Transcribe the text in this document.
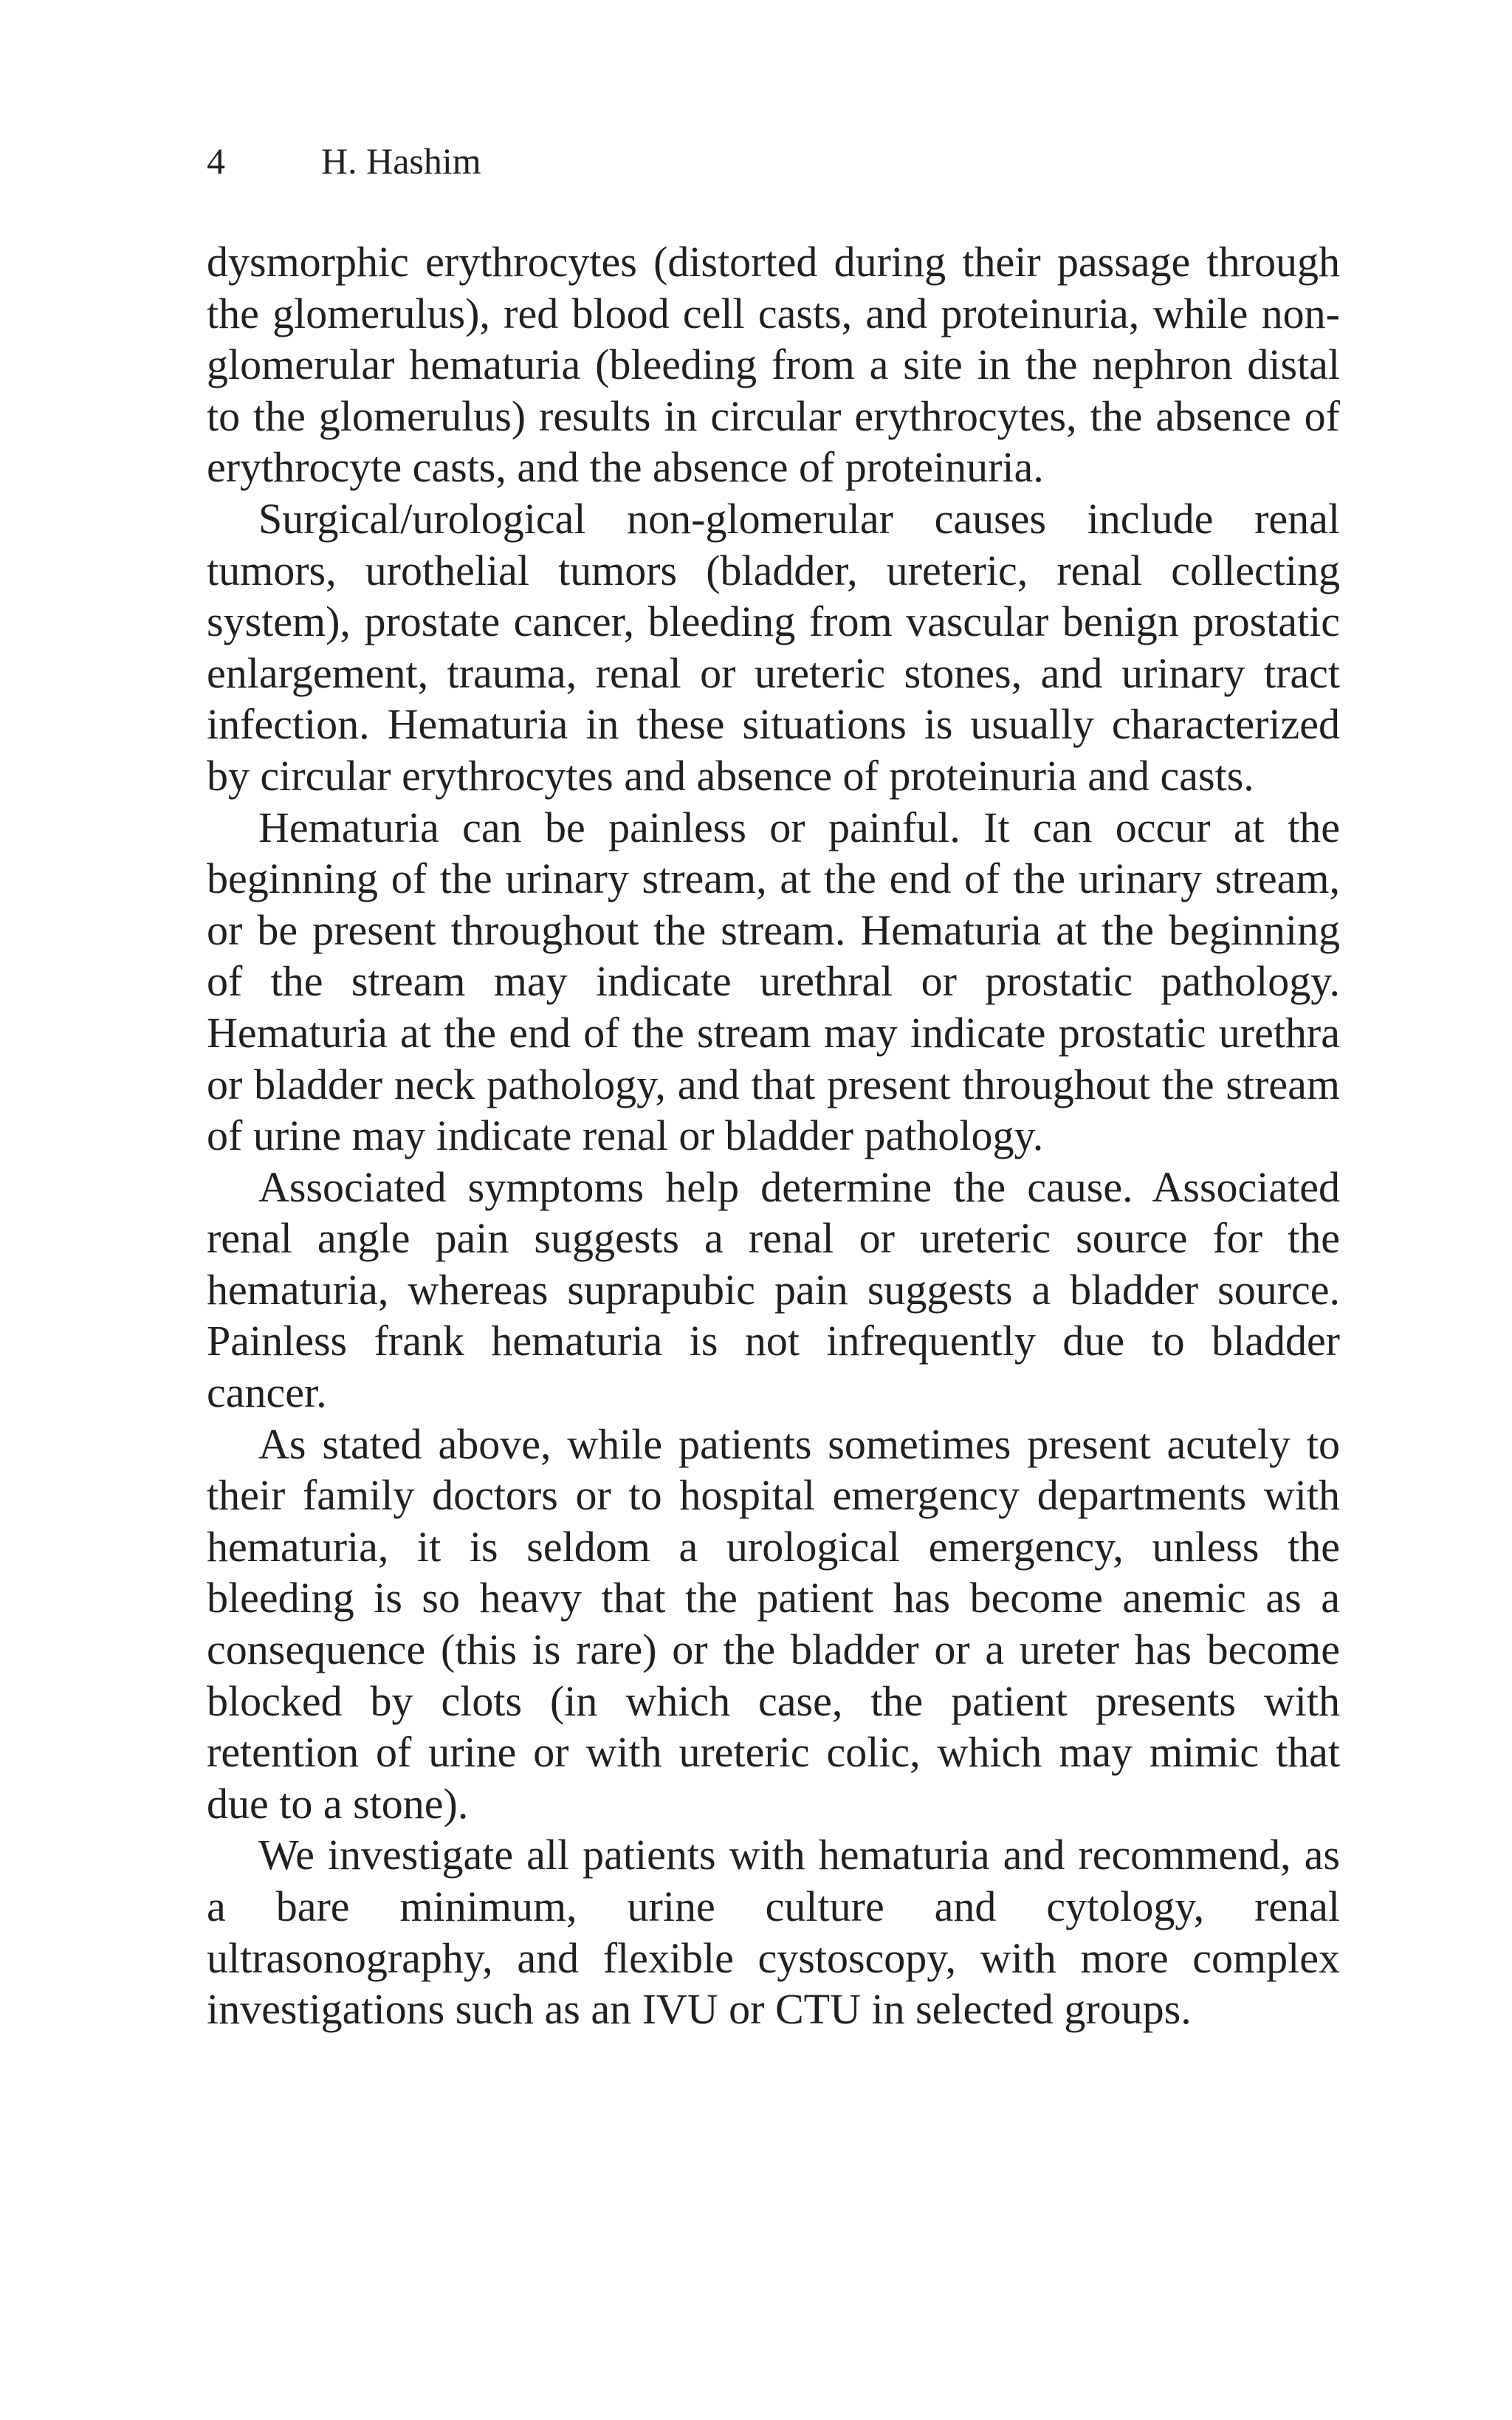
4	H. Hashim

dysmorphic erythrocytes (distorted during their passage through the glomerulus), red blood cell casts, and proteinuria, while non-glomerular hematuria (bleeding from a site in the nephron distal to the glomerulus) results in circular erythrocytes, the absence of erythrocyte casts, and the absence of proteinuria.

Surgical/urological non-glomerular causes include renal tumors, urothelial tumors (bladder, ureteric, renal collecting system), prostate cancer, bleeding from vascular benign prostatic enlargement, trauma, renal or ureteric stones, and urinary tract infection. Hematuria in these situations is usually characterized by circular erythrocytes and absence of proteinuria and casts.

Hematuria can be painless or painful. It can occur at the beginning of the urinary stream, at the end of the urinary stream, or be present throughout the stream. Hematuria at the beginning of the stream may indicate urethral or prostatic pathology. Hematuria at the end of the stream may indicate prostatic urethra or bladder neck pathology, and that present throughout the stream of urine may indicate renal or bladder pathology.

Associated symptoms help determine the cause. Associated renal angle pain suggests a renal or ureteric source for the hematuria, whereas suprapubic pain suggests a bladder source. Painless frank hematuria is not infrequently due to bladder cancer.

As stated above, while patients sometimes present acutely to their family doctors or to hospital emergency departments with hematuria, it is seldom a urological emergency, unless the bleeding is so heavy that the patient has become anemic as a consequence (this is rare) or the bladder or a ureter has become blocked by clots (in which case, the patient presents with retention of urine or with ureteric colic, which may mimic that due to a stone).

We investigate all patients with hematuria and recommend, as a bare minimum, urine culture and cytology, renal ultrasonography, and flexible cystoscopy, with more complex investigations such as an IVU or CTU in selected groups.
